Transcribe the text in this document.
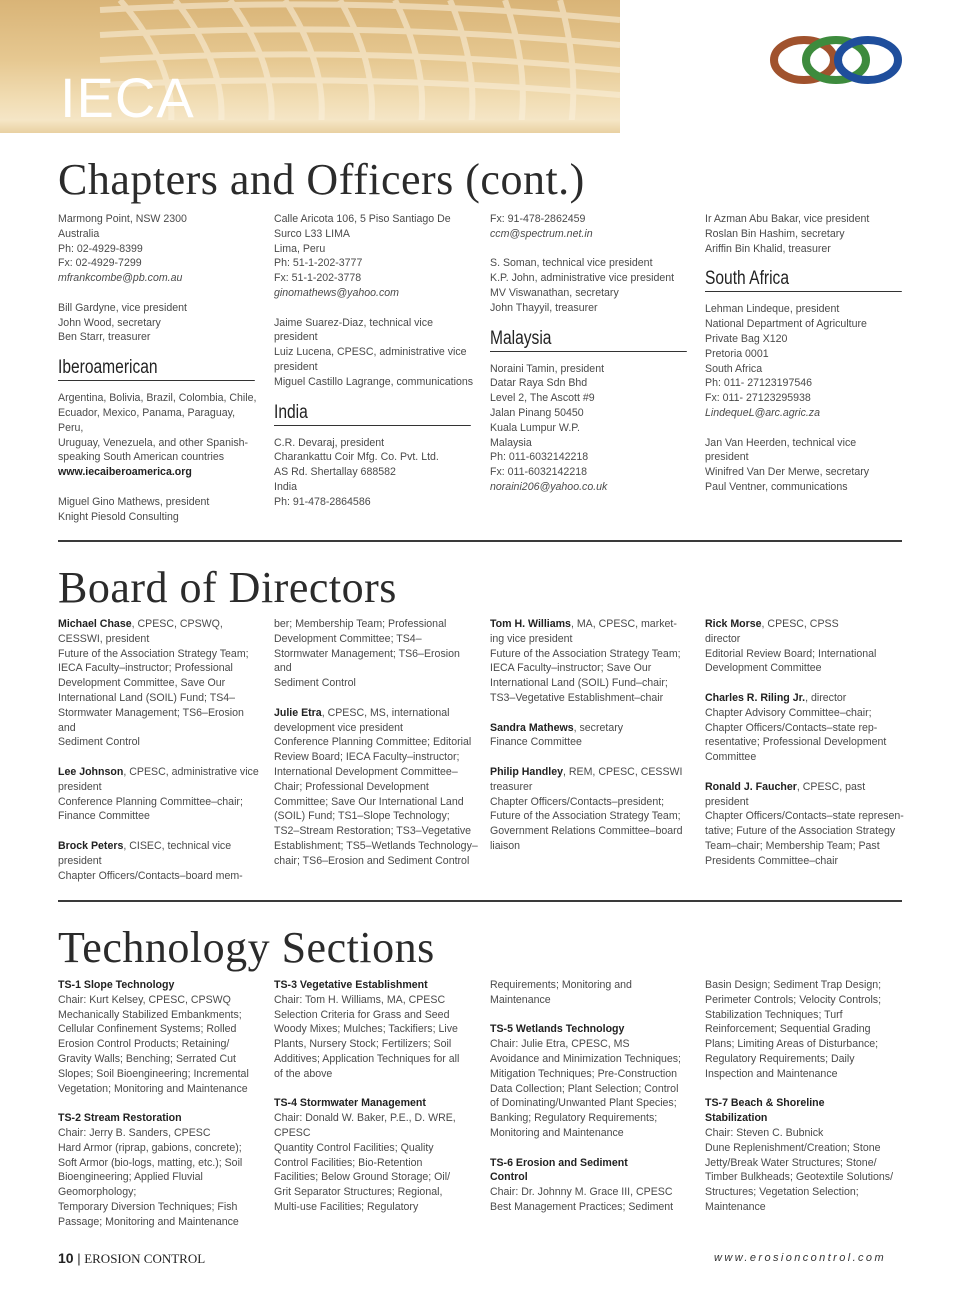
IECA
Chapters and Officers (cont.)

Marmong Point, NSW 2300

Australia

Ph: 02-4929-8399

Fx: 02-4929-7299

mfrankcombe@pb.com.au

Bill Gardyne, vice president

John Wood, secretary

Ben Starr, treasurer

Iberoamerican

Argentina, Bolivia, Brazil, Colombia, Chile,

Ecuador, Mexico, Panama, Paraguay, Peru,

Uruguay, Venezuela, and other Spanish-

speaking South American countries

www.iecaiberoamerica.org

Miguel Gino Mathews, president

Knight Piesold Consulting

Calle Aricota 106, 5 Piso Santiago De

Surco L33 LIMA

Lima, Peru

Ph: 51-1-202-3777

Fx: 51-1-202-3778

ginomathews@yahoo.com

Jaime Suarez-Diaz, technical vice president

Luiz Lucena, CPESC, administrative vice

president

Miguel Castillo Lagrange, communications

India

C.R. Devaraj, president

Charankattu Coir Mfg. Co. Pvt. Ltd.

AS Rd. Shertallay 688582

India

Ph: 91-478-2864586

Fx: 91-478-2862459

ccm@spectrum.net.in

S. Soman, technical vice president

K.P. John, administrative vice president

MV Viswanathan, secretary

John Thayyil, treasurer

Malaysia

Noraini Tamin, president

Datar Raya Sdn Bhd

Level 2, The Ascott #9

Jalan Pinang 50450

Kuala Lumpur W.P.

Malaysia

Ph: 011-6032142218

Fx: 011-6032142218

noraini206@yahoo.co.uk

Ir Azman Abu Bakar, vice president

Roslan Bin Hashim, secretary

Ariffin Bin Khalid, treasurer

South Africa

Lehman Lindeque, president

National Department of Agriculture

Private Bag X120

Pretoria 0001

South Africa

Ph: 011- 27123197546

Fx: 011- 27123295938

LindequeL@arc.agric.za

Jan Van Heerden, technical vice

president

Winifred Van Der Merwe, secretary

Paul Ventner, communications

Board of Directors

Michael Chase, CPESC, CPSWQ,

CESSWI, president

Future of the Association Strategy Team;

IECA Faculty–instructor; Professional

Development Committee, Save Our

International Land (SOIL) Fund; TS4–

Stormwater Management; TS6–Erosion and

Sediment Control

Lee Johnson, CPESC, administrative vice

president

Conference Planning Committee–chair;

Finance Committee

Brock Peters, CISEC, technical vice

president

Chapter Officers/Contacts–board mem-

ber; Membership Team; Professional

Development Committee; TS4–

Stormwater Management; TS6–Erosion and

Sediment Control

Julie Etra, CPESC, MS, international

development vice president

Conference Planning Committee; Editorial

Review Board; IECA Faculty–instructor;

International Development Committee–

Chair; Professional Development

Committee; Save Our International Land

(SOIL) Fund; TS1–Slope Technology;

TS2–Stream Restoration; TS3–Vegetative

Establishment; TS5–Wetlands Technology–

chair; TS6–Erosion and Sediment Control

Tom H. Williams, MA, CPESC, market-

ing vice president

Future of the Association Strategy Team;

IECA Faculty–instructor; Save Our

International Land (SOIL) Fund–chair;

TS3–Vegetative Establishment–chair

Sandra Mathews, secretary

Finance Committee

Philip Handley, REM, CPESC, CESSWI

treasurer

Chapter Officers/Contacts–president;

Future of the Association Strategy Team;

Government Relations Committee–board

liaison

Rick Morse, CPESC, CPSS

director

Editorial Review Board; International

Development Committee

Charles R. Riling Jr., director

Chapter Advisory Committee–chair;

Chapter Officers/Contacts–state rep-

resentative; Professional Development

Committee

Ronald J. Faucher, CPESC, past

president

Chapter Officers/Contacts–state represen-

tative; Future of the Association Strategy

Team–chair; Membership Team; Past

Presidents Committee–chair

Technology Sections

TS-1 Slope Technology

Chair: Kurt Kelsey, CPESC, CPSWQ

Mechanically Stabilized Embankments;

Cellular Confinement Systems; Rolled

Erosion Control Products; Retaining/

Gravity Walls; Benching; Serrated Cut

Slopes; Soil Bioengineering; Incremental

Vegetation; Monitoring and Maintenance

TS-2 Stream Restoration

Chair: Jerry B. Sanders, CPESC

Hard Armor (riprap, gabions, concrete);

Soft Armor (bio-logs, matting, etc.); Soil

Bioengineering; Applied Fluvial Geomorphology;

Temporary Diversion Techniques; Fish

Passage; Monitoring and Maintenance

TS-3 Vegetative Establishment

Chair: Tom H. Williams, MA, CPESC

Selection Criteria for Grass and Seed

Woody Mixes; Mulches; Tackifiers; Live

Plants, Nursery Stock; Fertilizers; Soil

Additives; Application Techniques for all

of the above

TS-4 Stormwater Management

Chair: Donald W. Baker, P.E., D. WRE,

CPESC

Quantity Control Facilities; Quality

Control Facilities; Bio-Retention

Facilities; Below Ground Storage; Oil/

Grit Separator Structures; Regional,

Multi-use Facilities; Regulatory

Requirements; Monitoring and

Maintenance

TS-5 Wetlands Technology

Chair: Julie Etra, CPESC, MS

Avoidance and Minimization Techniques;

Mitigation Techniques; Pre-Construction

Data Collection; Plant Selection; Control

of Dominating/Unwanted Plant Species;

Banking; Regulatory Requirements;

Monitoring and Maintenance

TS-6 Erosion and Sediment

Control

Chair: Dr. Johnny M. Grace III, CPESC

Best Management Practices; Sediment

Basin Design; Sediment Trap Design;

Perimeter Controls; Velocity Controls;

Stabilization Techniques; Turf

Reinforcement; Sequential Grading

Plans; Limiting Areas of Disturbance;

Regulatory Requirements; Daily

Inspection and Maintenance

TS-7 Beach & Shoreline

Stabilization

Chair: Steven C. Bubnick

Dune Replenishment/Creation; Stone

Jetty/Break Water Structures; Stone/

Timber Bulkheads; Geotextile Solutions/

Structures; Vegetation Selection;

Maintenance

10 | EROSION CONTROL	www.erosioncontrol.com
